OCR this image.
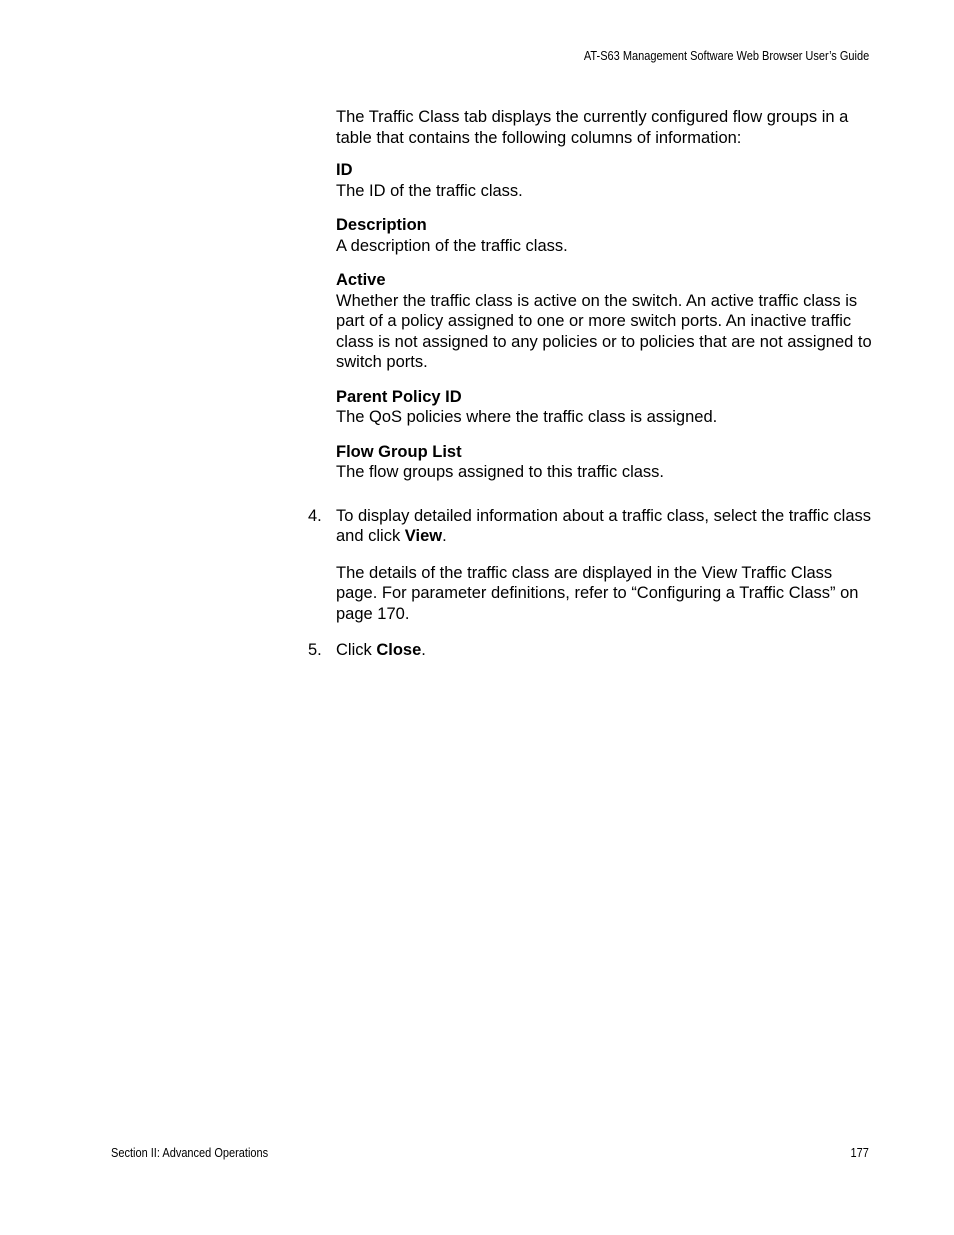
AT-S63 Management Software Web Browser User’s Guide

The Traffic Class tab displays the currently configured flow groups in a table that contains the following columns of information:

ID
The ID of the traffic class.
Description
A description of the traffic class.
Active
Whether the traffic class is active on the switch. An active traffic class is part of a policy assigned to one or more switch ports. An inactive traffic class is not assigned to any policies or to policies that are not assigned to switch ports.
Parent Policy ID
The QoS policies where the traffic class is assigned.
Flow Group List
The flow groups assigned to this traffic class.
4. To display detailed information about a traffic class, select the traffic class and click View.

The details of the traffic class are displayed in the View Traffic Class page. For parameter definitions, refer to “Configuring a Traffic Class” on page 170.

5. Click Close.

Section II: Advanced Operations	177
